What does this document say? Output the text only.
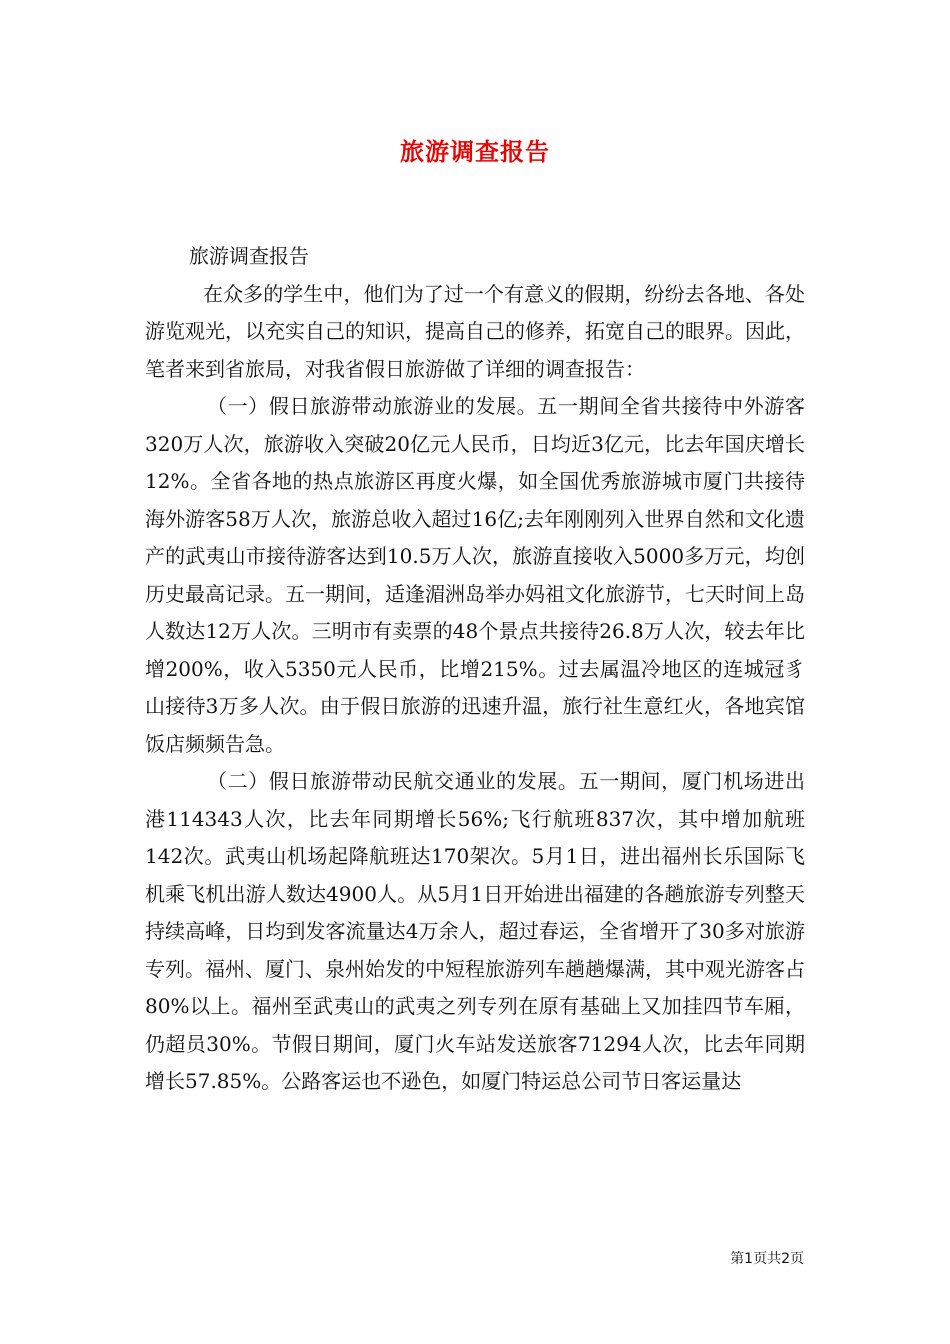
旅游调查报告

旅游调查报告

在众多的学生中，他们为了过一个有意义的假期，纷纷去各地、各处游览观光，以充实自己的知识，提高自己的修养，拓宽自己的眼界。因此，笔者来到省旅局，对我省假日旅游做了详细的调查报告：

（一）假日旅游带动旅游业的发展。五一期间全省共接待中外游客320万人次，旅游收入突破20亿元人民币，日均近3亿元，比去年国庆增长12%。全省各地的热点旅游区再度火爆，如全国优秀旅游城市厦门共接待海外游客58万人次，旅游总收入超过16亿;去年刚刚列入世界自然和文化遗产的武夷山市接待游客达到10.5万人次，旅游直接收入5000多万元，均创历史最高记录。五一期间，适逢湄洲岛举办妈祖文化旅游节，七天时间上岛人数达12万人次。三明市有卖票的48个景点共接待26.8万人次，较去年比增200%，收入5350元人民币，比增215%。过去属温冷地区的连城冠豸山接待3万多人次。由于假日旅游的迅速升温，旅行社生意红火，各地宾馆饭店频频告急。

（二）假日旅游带动民航交通业的发展。五一期间，厦门机场进出港114343人次，比去年同期增长56%;飞行航班837次，其中增加航班142次。武夷山机场起降航班达170架次。5月1日，进出福州长乐国际飞机乘飞机出游人数达4900人。从5月1日开始进出福建的各趟旅游专列整天持续高峰，日均到发客流量达4万余人，超过春运，全省增开了30多对旅游专列。福州、厦门、泉州始发的中短程旅游列车趟趟爆满，其中观光游客占80%以上。福州至武夷山的武夷之列专列在原有基础上又加挂四节车厢，仍超员30%。节假日期间，厦门火车站发送旅客71294人次，比去年同期增长57.85%。公路客运也不逊色，如厦门特运总公司节日客运量达

第1页共2页
